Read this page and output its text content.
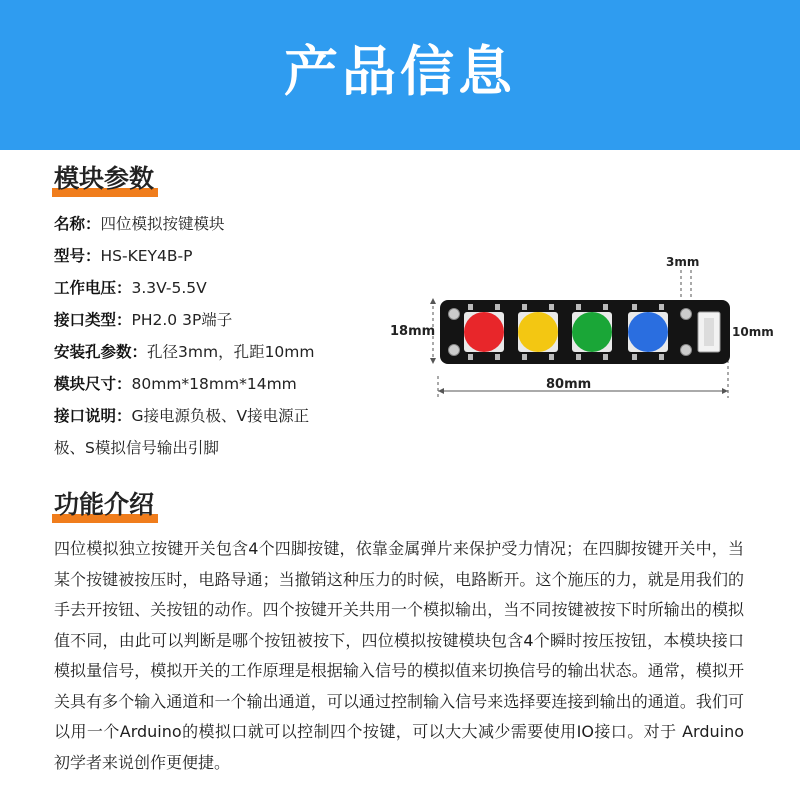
产品信息
模块参数
名称：四位模拟按键模块
型号：HS-KEY4B-P
工作电压：3.3V-5.5V
接口类型：PH2.0 3P端子
安装孔参数：孔径3mm，孔距10mm
模块尺寸：80mm*18mm*14mm
接口说明：G接电源负极、V接电源正
极、S模拟信号输出引脚
3mm
18mm	10mm
80mm
功能介绍

四位模拟独立按键开关包含4个四脚按键，依靠金属弹片来保护受力情况；在四脚按键开关中，当某个按键被按压时，电路导通；当撤销这种压力的时候，电路断开。这个施压的力，就是用我们的手去开按钮、关按钮的动作。四个按键开关共用一个模拟输出，当不同按键被按下时所输出的模拟值不同，由此可以判断是哪个按钮被按下，四位模拟按键模块包含4个瞬时按压按钮，本模块接口模拟量信号，模拟开关的工作原理是根据输入信号的模拟值来切换信号的输出状态。通常，模拟开关具有多个输入通道和一个输出通道，可以通过控制输入信号来选择要连接到输出的通道。我们可以用一个Arduino的模拟口就可以控制四个按键，可以大大减少需要使用IO接口。对于 Arduino初学者来说创作更便捷。
